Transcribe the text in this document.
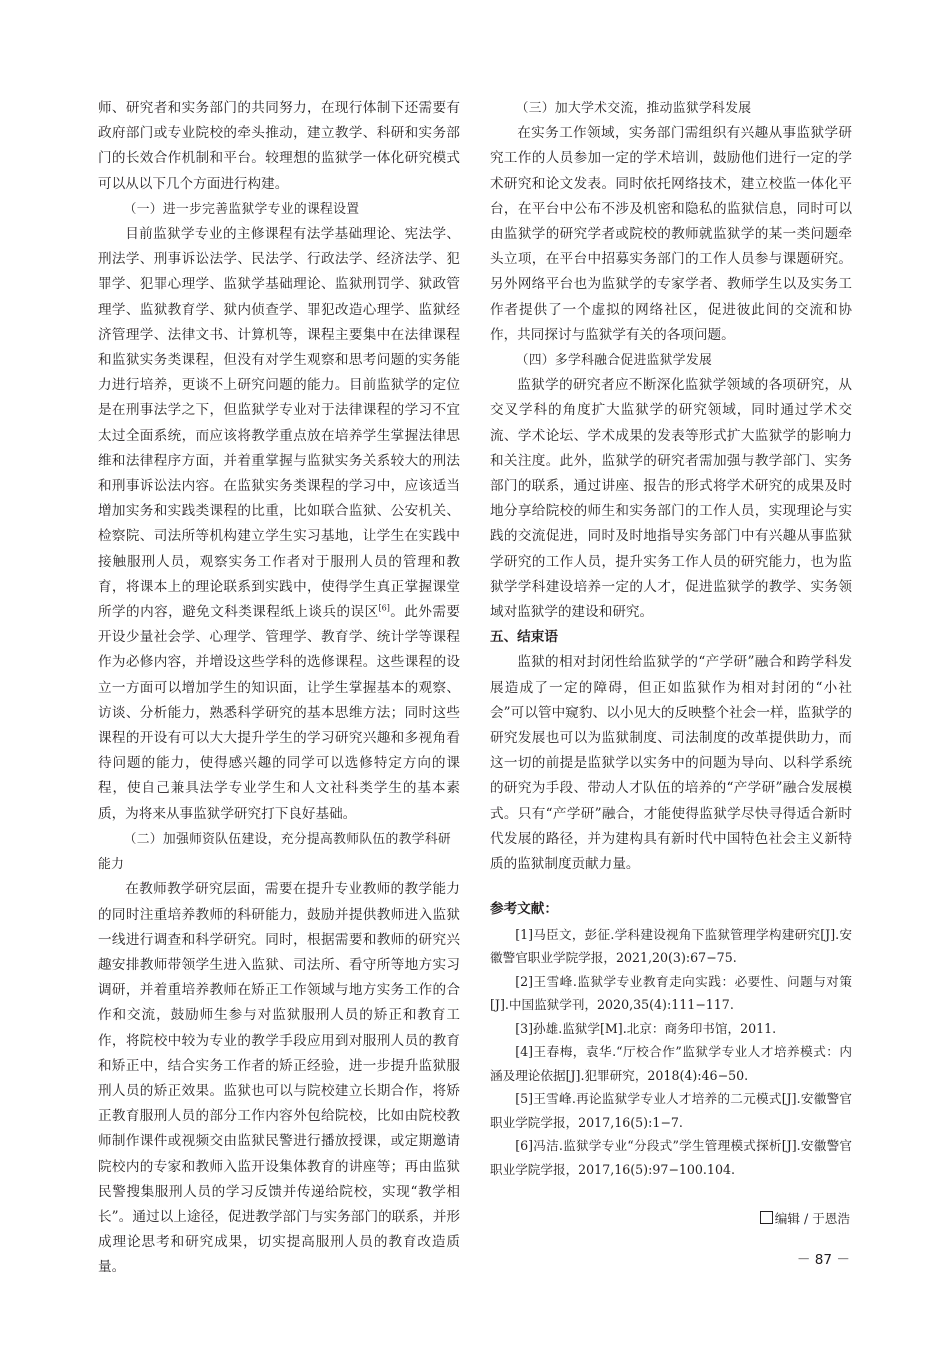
师、研究者和实务部门的共同努力，在现行体制下还需要有政府部门或专业院校的牵头推动，建立教学、科研和实务部门的长效合作机制和平台。较理想的监狱学一体化研究模式可以从以下几个方面进行构建。

（一）进一步完善监狱学专业的课程设置

目前监狱学专业的主修课程有法学基础理论、宪法学、刑法学、刑事诉讼法学、民法学、行政法学、经济法学、犯罪学、犯罪心理学、监狱学基础理论、监狱刑罚学、狱政管理学、监狱教育学、狱内侦查学、罪犯改造心理学、监狱经济管理学、法律文书、计算机等，课程主要集中在法律课程和监狱实务类课程，但没有对学生观察和思考问题的实务能力进行培养，更谈不上研究问题的能力。目前监狱学的定位是在刑事法学之下，但监狱学专业对于法律课程的学习不宜太过全面系统，而应该将教学重点放在培养学生掌握法律思维和法律程序方面，并着重掌握与监狱实务关系较大的刑法和刑事诉讼法内容。在监狱实务类课程的学习中，应该适当增加实务和实践类课程的比重，比如联合监狱、公安机关、检察院、司法所等机构建立学生实习基地，让学生在实践中接触服刑人员，观察实务工作者对于服刑人员的管理和教育，将课本上的理论联系到实践中，使得学生真正掌握课堂所学的内容，避免文科类课程纸上谈兵的误区[6]。此外需要开设少量社会学、心理学、管理学、教育学、统计学等课程作为必修内容，并增设这些学科的选修课程。这些课程的设立一方面可以增加学生的知识面，让学生掌握基本的观察、访谈、分析能力，熟悉科学研究的基本思维方法；同时这些课程的开设有可以大大提升学生的学习研究兴趣和多视角看待问题的能力，使得感兴趣的同学可以选修特定方向的课程，使自己兼具法学专业学生和人文社科类学生的基本素质，为将来从事监狱学研究打下良好基础。

（二）加强师资队伍建设，充分提高教师队伍的教学科研能力

在教师教学研究层面，需要在提升专业教师的教学能力的同时注重培养教师的科研能力，鼓励并提供教师进入监狱一线进行调查和科学研究。同时，根据需要和教师的研究兴趣安排教师带领学生进入监狱、司法所、看守所等地方实习调研，并着重培养教师在矫正工作领域与地方实务工作的合作和交流，鼓励师生参与对监狱服刑人员的矫正和教育工作，将院校中较为专业的教学手段应用到对服刑人员的教育和矫正中，结合实务工作者的矫正经验，进一步提升监狱服刑人员的矫正效果。监狱也可以与院校建立长期合作，将矫正教育服刑人员的部分工作内容外包给院校，比如由院校教师制作课件或视频交由监狱民警进行播放授课，或定期邀请院校内的专家和教师入监开设集体教育的讲座等；再由监狱民警搜集服刑人员的学习反馈并传递给院校，实现“教学相长”。通过以上途径，促进教学部门与实务部门的联系，并形成理论思考和研究成果，切实提高服刑人员的教育改造质量。

（三）加大学术交流，推动监狱学科发展

在实务工作领域，实务部门需组织有兴趣从事监狱学研究工作的人员参加一定的学术培训，鼓励他们进行一定的学术研究和论文发表。同时依托网络技术，建立校监一体化平台，在平台中公布不涉及机密和隐私的监狱信息，同时可以由监狱学的研究学者或院校的教师就监狱学的某一类问题牵头立项，在平台中招募实务部门的工作人员参与课题研究。另外网络平台也为监狱学的专家学者、教师学生以及实务工作者提供了一个虚拟的网络社区，促进彼此间的交流和协作，共同探讨与监狱学有关的各项问题。

（四）多学科融合促进监狱学发展

监狱学的研究者应不断深化监狱学领域的各项研究，从交叉学科的角度扩大监狱学的研究领域，同时通过学术交流、学术论坛、学术成果的发表等形式扩大监狱学的影响力和关注度。此外，监狱学的研究者需加强与教学部门、实务部门的联系，通过讲座、报告的形式将学术研究的成果及时地分享给院校的师生和实务部门的工作人员，实现理论与实践的交流促进，同时及时地指导实务部门中有兴趣从事监狱学研究的工作人员，提升实务工作人员的研究能力，也为监狱学学科建设培养一定的人才，促进监狱学的教学、实务领域对监狱学的建设和研究。

五、结束语

监狱的相对封闭性给监狱学的“产学研”融合和跨学科发展造成了一定的障碍，但正如监狱作为相对封闭的“小社会”可以管中窥豹、以小见大的反映整个社会一样，监狱学的研究发展也可以为监狱制度、司法制度的改革提供助力，而这一切的前提是监狱学以实务中的问题为导向、以科学系统的研究为手段、带动人才队伍的培养的“产学研”融合发展模式。只有“产学研”融合，才能使得监狱学尽快寻得适合新时代发展的路径，并为建构具有新时代中国特色社会主义新特质的监狱制度贡献力量。

参考文献：

[1]马臣文，彭征.学科建设视角下监狱管理学构建研究[J].安徽警官职业学院学报，2021,20(3):67−75.

[2]王雪峰.监狱学专业教育走向实践：必要性、问题与对策[J].中国监狱学刊，2020,35(4):111−117.

[3]孙雄.监狱学[M].北京：商务印书馆，2011.

[4]王春梅，袁华.“厅校合作”监狱学专业人才培养模式：内涵及理论依据[J].犯罪研究，2018(4):46−50.

[5]王雪峰.再论监狱学专业人才培养的二元模式[J].安徽警官职业学院学报，2017,16(5):1−7.

[6]冯洁.监狱学专业“分段式”学生管理模式探析[J].安徽警官职业学院学报，2017,16(5):97−100.104.

编辑 / 于恩浩
－ 87 －
